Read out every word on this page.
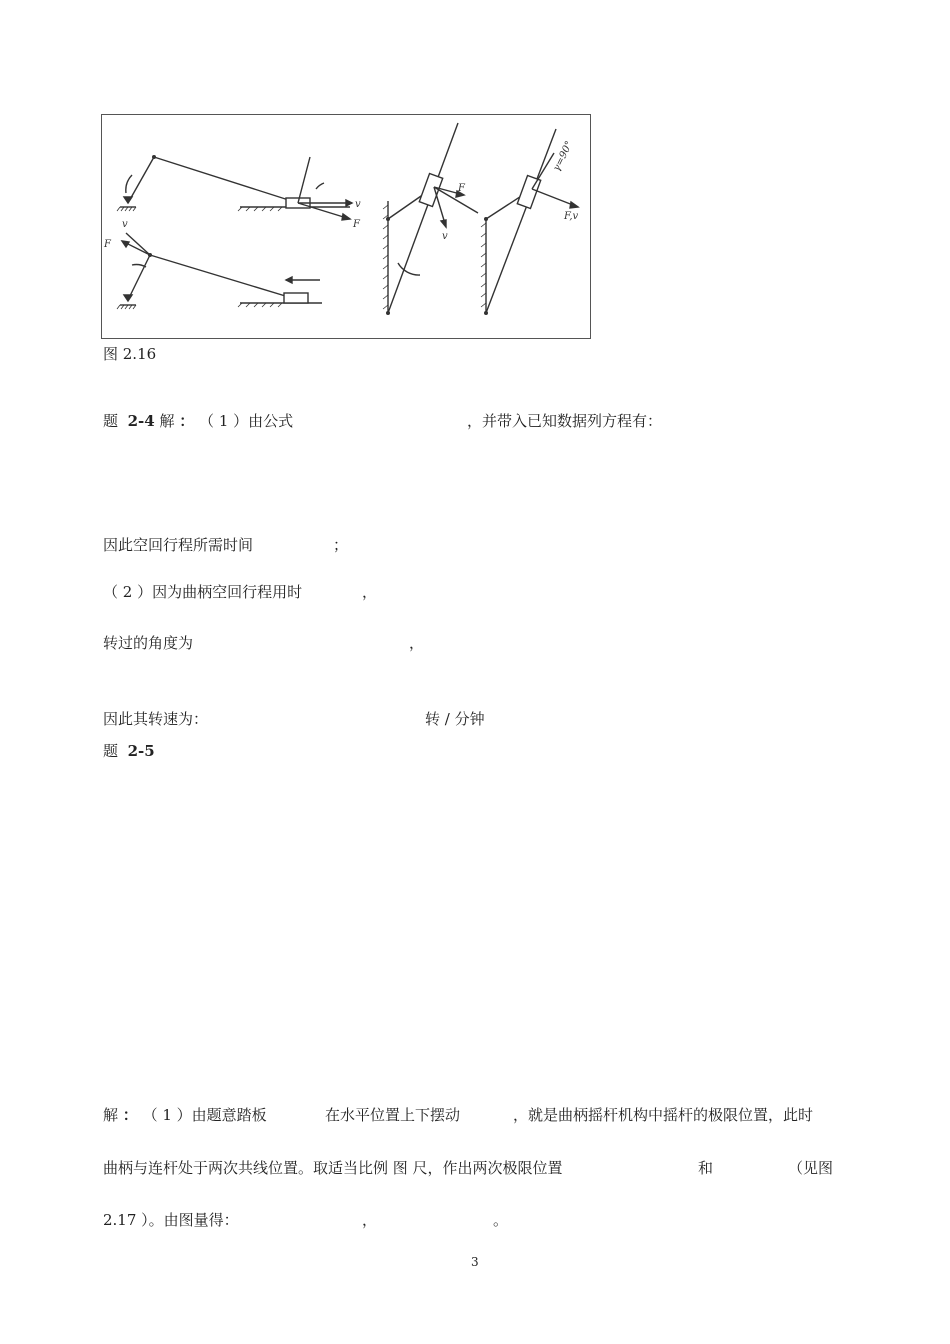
v
F
F
v
F
v
γ=90°
F,v
图 2.16
题 2-4 解 ： （ 1 ）由公式	，并带入已知数据列方程有：
因此空回行程所需时间	；
（ 2 ）因为曲柄空回行程用时	，
转过的角度为	，
因此其转速为：	转 / 分钟
题 2-5
解 ： （ 1 ）由题意踏板	在水平位置上下摆动	，就是曲柄摇杆机构中摇杆的极限位置，此时
曲柄与连杆处于两次共线位置。取适当比例 图 尺，作出两次极限位置	和	（见图
2.17 ）。由图量得：	，	。
3
